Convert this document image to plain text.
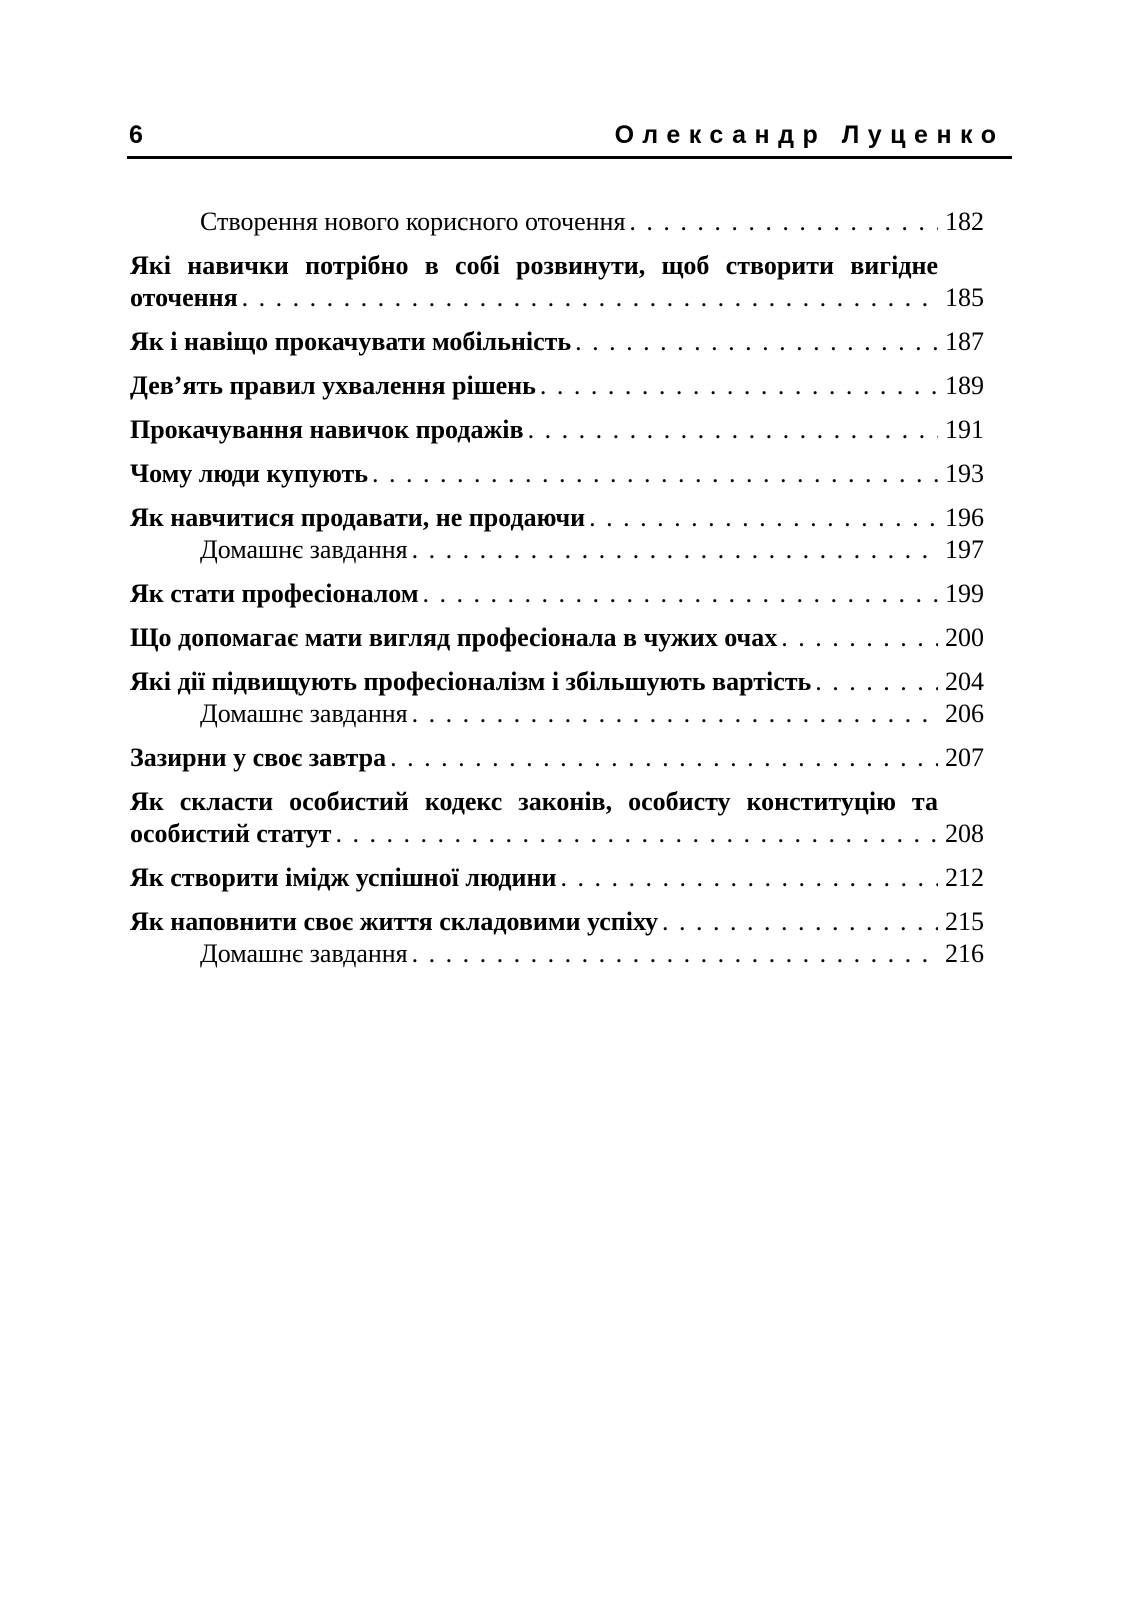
6	Олександр Луценко
Створення нового корисного оточення . . .	182
Які навички потрібно в собі розвинути, щоб створити вигідне
оточення . . .	185
Як і навіщо прокачувати мобільність . . .	187
Дев’ять правил ухвалення рішень . . .	189
Прокачування навичок продажів . . .	191
Чому люди купують . . .	193
Як навчитися продавати, не продаючи . . .	196
Домашнє завдання . . .	197
Як стати професіоналом . . .	199
Що допомагає мати вигляд професіонала в чужих очах . . .	200
Які дії підвищують професіоналізм і збільшують вартість . . .	204
Домашнє завдання . . .	206
Зазирни у своє завтра . . .	207
Як скласти особистий кодекс законів, особисту конституцію та
особистий статут . . .	208
Як створити імідж успішної людини . . .	212
Як наповнити своє життя складовими успіху . . .	215
Домашнє завдання . . .	216
